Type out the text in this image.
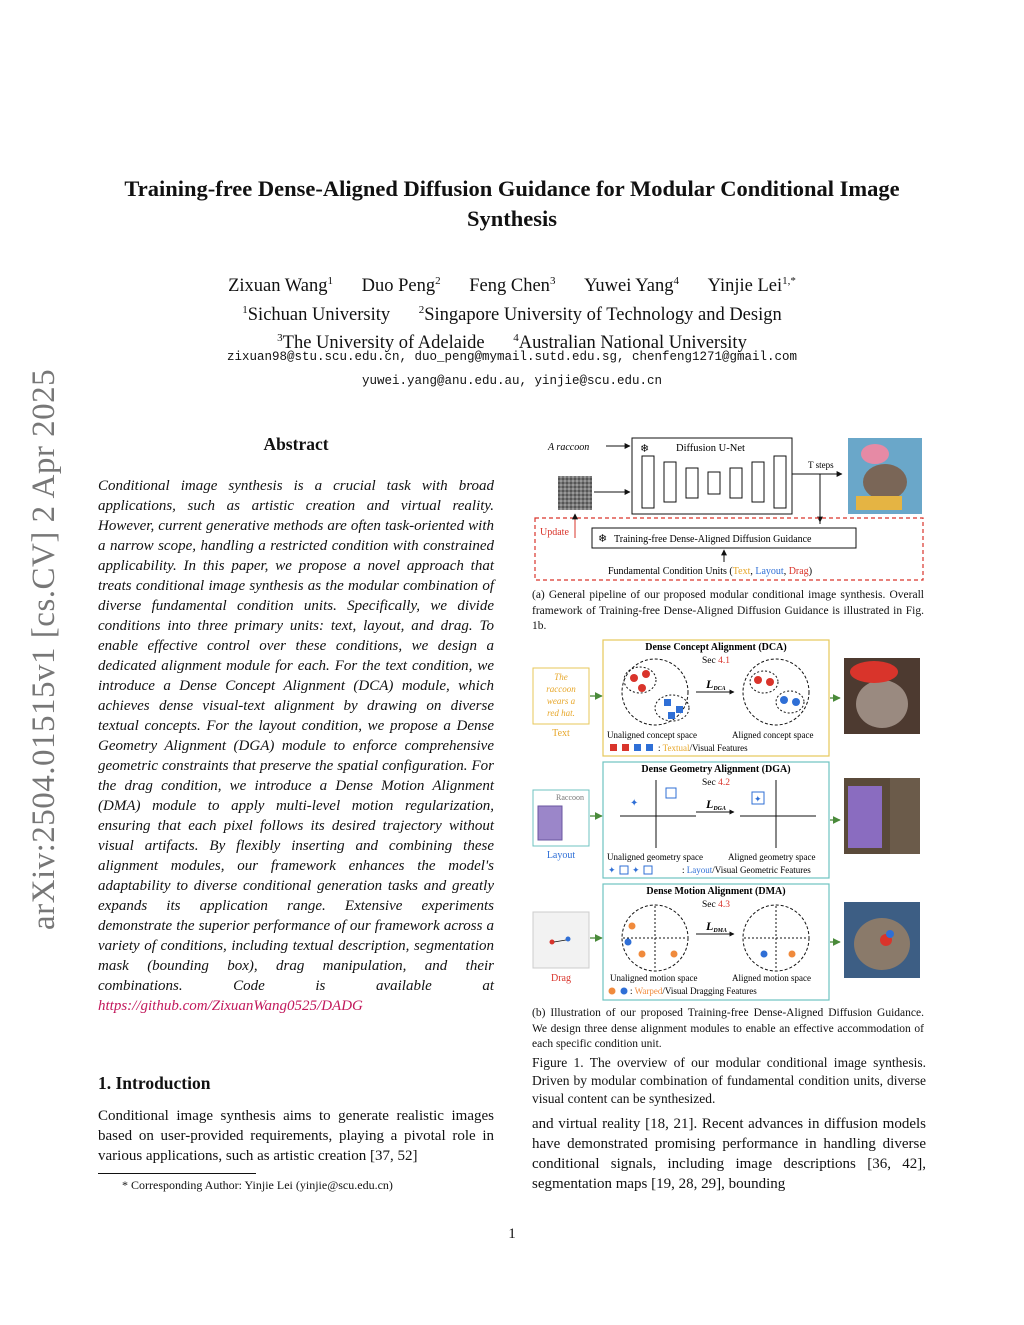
arXiv:2504.01515v1 [cs.CV] 2 Apr 2025
Training-free Dense-Aligned Diffusion Guidance for Modular Conditional Image Synthesis
Zixuan Wang$^1$ Duo Peng$^2$ Feng Chen$^3$ Yuwei Yang$^4$ Yinjie Lei$^{1,*}$
$^1$Sichuan University	$^2$Singapore University of Technology and Design
$^3$The University of Adelaide	$^4$Australian National University
zixuan98@stu.scu.edu.cn, duo_peng@mymail.sutd.edu.sg, chenfeng1271@gmail.com
yuwei.yang@anu.edu.au, yinjie@scu.edu.cn
Abstract
Conditional image synthesis is a crucial task with broad applications, such as artistic creation and virtual reality. However, current generative methods are often task-oriented with a narrow scope, handling a restricted condition with constrained applicability. In this paper, we propose a novel approach that treats conditional image synthesis as the modular combination of diverse fundamental condition units. Specifically, we divide conditions into three primary units: text, layout, and drag. To enable effective control over these conditions, we design a dedicated alignment module for each. For the text condition, we introduce a Dense Concept Alignment (DCA) module, which achieves dense visual-text alignment by drawing on diverse textual concepts. For the layout condition, we propose a Dense Geometry Alignment (DGA) module to enforce comprehensive geometric constraints that preserve the spatial configuration. For the drag condition, we introduce a Dense Motion Alignment (DMA) module to apply multi-level motion regularization, ensuring that each pixel follows its desired trajectory without visual artifacts. By flexibly inserting and combining these alignment modules, our framework enhances the model's adaptability to diverse conditional generation tasks and greatly expands its application range. Extensive experiments demonstrate the superior performance of our framework across a variety of conditions, including textual description, segmentation mask (bounding box), drag manipulation, and their combinations. Code is available at https://github.com/ZixuanWang0525/DADG
1. Introduction
Conditional image synthesis aims to generate realistic images based on user-provided requirements, playing a pivotal role in various applications, such as artistic creation [37, 52]
* Corresponding Author: Yinjie Lei (yinjie@scu.edu.cn)
1
A raccoon	❄	Diffusion U-Net
T steps
Update
❄ Training-free Dense-Aligned Diffusion Guidance
Fundamental Condition Units (Text, Layout, Drag)
(a) General pipeline of our proposed modular conditional image synthesis. Overall framework of Training-free Dense-Aligned Diffusion Guidance is illustrated in Fig. 1b.
The
raccoon
wears a
red hat.
Text
Dense Concept Alignment (DCA)
Sec 4.1
LDCA
Unaligned concept space	Aligned concept space
: Textual/Visual Features
Raccoon
Layout
Dense Geometry Alignment (DGA)
Sec 4.2
✦	LDGA
✦
Unaligned geometry space	Aligned geometry space
✦ ✦	: Layout/Visual Geometric Features
Drag
Dense Motion Alignment (DMA)
Sec 4.3
LDMA
Unaligned motion space	Aligned motion space
: Warped/Visual Dragging Features
(b) Illustration of our proposed Training-free Dense-Aligned Diffusion Guidance. We design three dense alignment modules to enable an effective accommodation of each specific condition unit.
Figure 1. The overview of our modular conditional image synthesis. Driven by modular combination of fundamental condition units, diverse visual content can be synthesized.
and virtual reality [18, 21]. Recent advances in diffusion models have demonstrated promising performance in handling diverse conditional signals, including image descriptions [36, 42], segmentation maps [19, 28, 29], bounding
